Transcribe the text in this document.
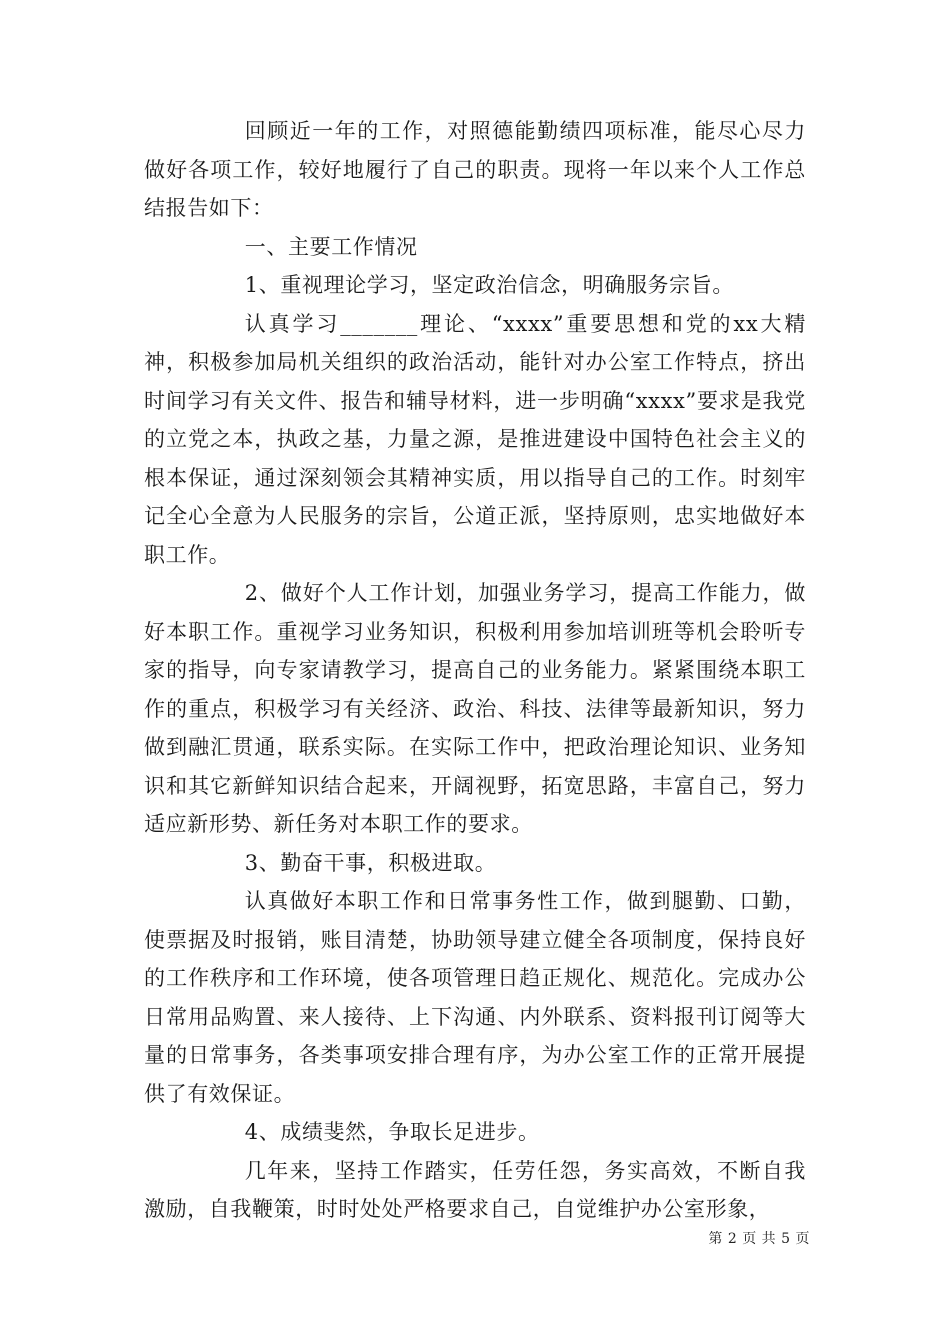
回顾近一年的工作，对照德能勤绩四项标准，能尽心尽力做好各项工作，较好地履行了自己的职责。现将一年以来个人工作总结报告如下：

一、主要工作情况

1、重视理论学习，坚定政治信念，明确服务宗旨。

认真学习_______理论、“xxxx”重要思想和党的xx大精神，积极参加局机关组织的政治活动，能针对办公室工作特点，挤出时间学习有关文件、报告和辅导材料，进一步明确“xxxx”要求是我党的立党之本，执政之基，力量之源，是推进建设中国特色社会主义的根本保证，通过深刻领会其精神实质，用以指导自己的工作。时刻牢记全心全意为人民服务的宗旨，公道正派，坚持原则，忠实地做好本职工作。

2、做好个人工作计划，加强业务学习，提高工作能力，做好本职工作。重视学习业务知识，积极利用参加培训班等机会聆听专家的指导，向专家请教学习，提高自己的业务能力。紧紧围绕本职工作的重点，积极学习有关经济、政治、科技、法律等最新知识，努力做到融汇贯通，联系实际。在实际工作中，把政治理论知识、业务知识和其它新鲜知识结合起来，开阔视野，拓宽思路，丰富自己，努力适应新形势、新任务对本职工作的要求。

3、勤奋干事，积极进取。

认真做好本职工作和日常事务性工作，做到腿勤、口勤，使票据及时报销，账目清楚，协助领导建立健全各项制度，保持良好的工作秩序和工作环境，使各项管理日趋正规化、规范化。完成办公日常用品购置、来人接待、上下沟通、内外联系、资料报刊订阅等大量的日常事务，各类事项安排合理有序，为办公室工作的正常开展提供了有效保证。

4、成绩斐然，争取长足进步。

几年来，坚持工作踏实，任劳任怨，务实高效，不断自我激励，自我鞭策，时时处处严格要求自己，自觉维护办公室形象，

第 2 页 共 5 页
